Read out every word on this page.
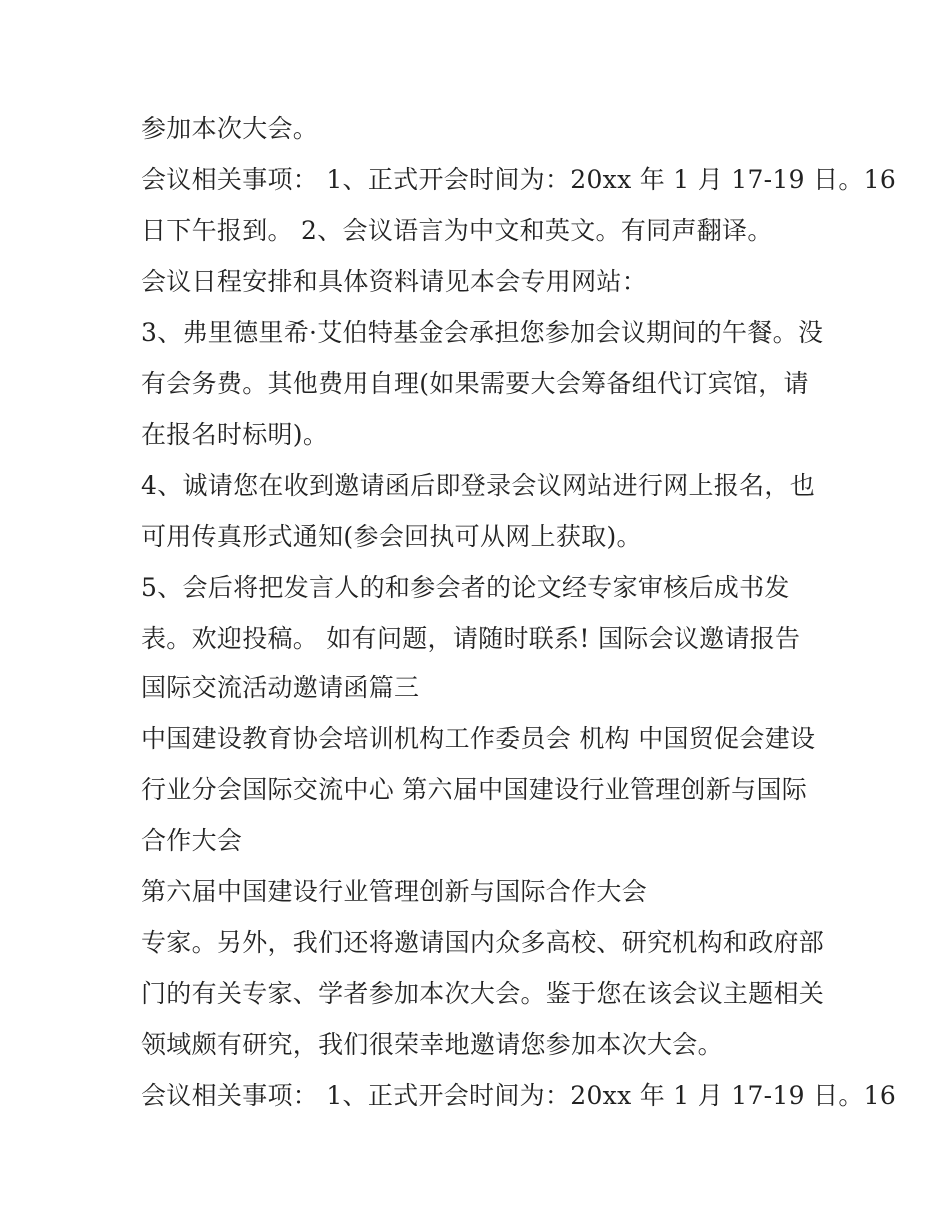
参加本次大会。
会议相关事项： 1、正式开会时间为：20xx 年 1 月 17-19 日。16
日下午报到。 2、会议语言为中文和英文。有同声翻译。
会议日程安排和具体资料请见本会专用网站：
3、弗里德里希·艾伯特基金会承担您参加会议期间的午餐。没
有会务费。其他费用自理(如果需要大会筹备组代订宾馆，请
在报名时标明)。
4、诚请您在收到邀请函后即登录会议网站进行网上报名，也
可用传真形式通知(参会回执可从网上获取)。
5、会后将把发言人的和参会者的论文经专家审核后成书发
表。欢迎投稿。 如有问题，请随时联系! 国际会议邀请报告
国际交流活动邀请函篇三
中国建设教育协会培训机构工作委员会 机构 中国贸促会建设
行业分会国际交流中心 第六届中国建设行业管理创新与国际
合作大会
第六届中国建设行业管理创新与国际合作大会
专家。另外，我们还将邀请国内众多高校、研究机构和政府部
门的有关专家、学者参加本次大会。鉴于您在该会议主题相关
领域颇有研究，我们很荣幸地邀请您参加本次大会。
会议相关事项： 1、正式开会时间为：20xx 年 1 月 17-19 日。16
